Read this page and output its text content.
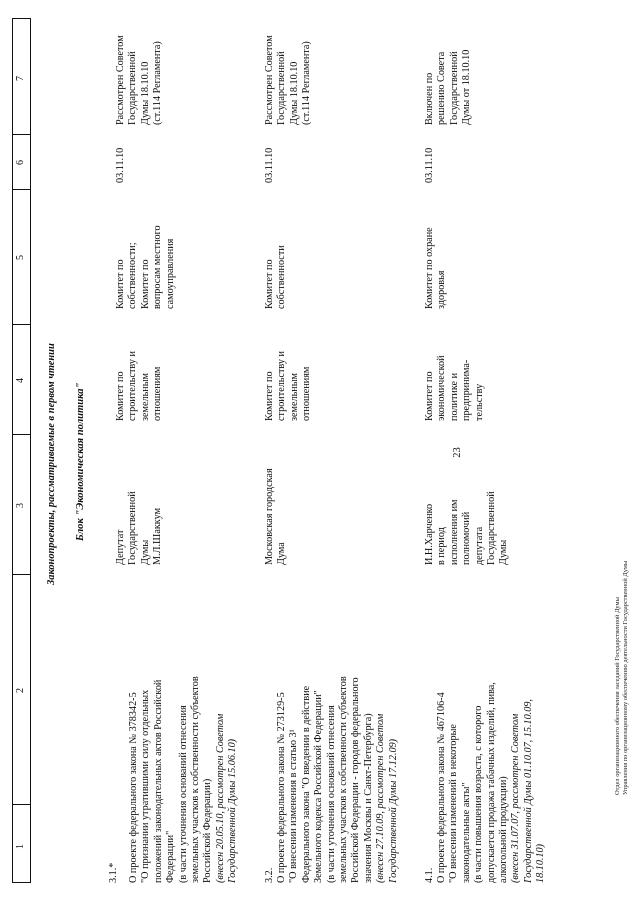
23
1
2
3
4
5
6
7
Законопроекты, рассматриваемые в первом чтении Блок "Экономическая политика"
3.1.* О проекте федерального закона № 378342-5 "О признании утратившими силу отдельных положений законодательных актов Российской Федерации" (в части уточнения оснований отнесения земельных участков к собственности субъектов Российской Федерации) (внесен 20.05.10, рассмотрен Советом Государственной Думы 15.06.10)

Депутат Государственной Думы М.Л.Шаккум

Комитет по строительству и земельным отношениям

Комитет по собственности; Комитет по вопросам местного самоуправления

03.11.10

Рассмотрен Советом Государственной Думы 18.10.10 (ст.114 Регламента)

3.2. О проекте федерального закона № 273129-5 "О внесении изменения в статью 3¹ Федерального закона "О введении в действие Земельного кодекса Российской Федерации" (в части уточнения оснований отнесения земельных участков к собственности субъектов Российской Федерации - городов федерального значения Москвы и Санкт-Петербурга) (внесен 27.10.09, рассмотрен Советом Государственной Думы 17.12.09)

Московская городская Дума

Комитет по строительству и земельным отношениям

Комитет по собственности

03.11.10

Рассмотрен Советом Государственной Думы 18.10.10 (ст.114 Регламента)

4.1. О проекте федерального закона № 467106-4 "О внесении изменений в некоторые законодательные акты" (в части повышения возраста, с которого допускается продажа табачных изделий, пива, алкогольной продукции) (внесен 31.07.07, рассмотрен Советом Государственной Думы 01.10.07, 15.10.09, 18.10.10)

И.Н.Харченко в период исполнения им полномочий депутата Государственной Думы

Комитет по экономической политике и предпринима- тельству

Комитет по охране здоровья

03.11.10

Включен по решению Совета Государственной Думы от 18.10.10

Отдел организационного обеспечения заседаний Государственной Думы Управления по организационному обеспечению деятельности Государственной Думы
